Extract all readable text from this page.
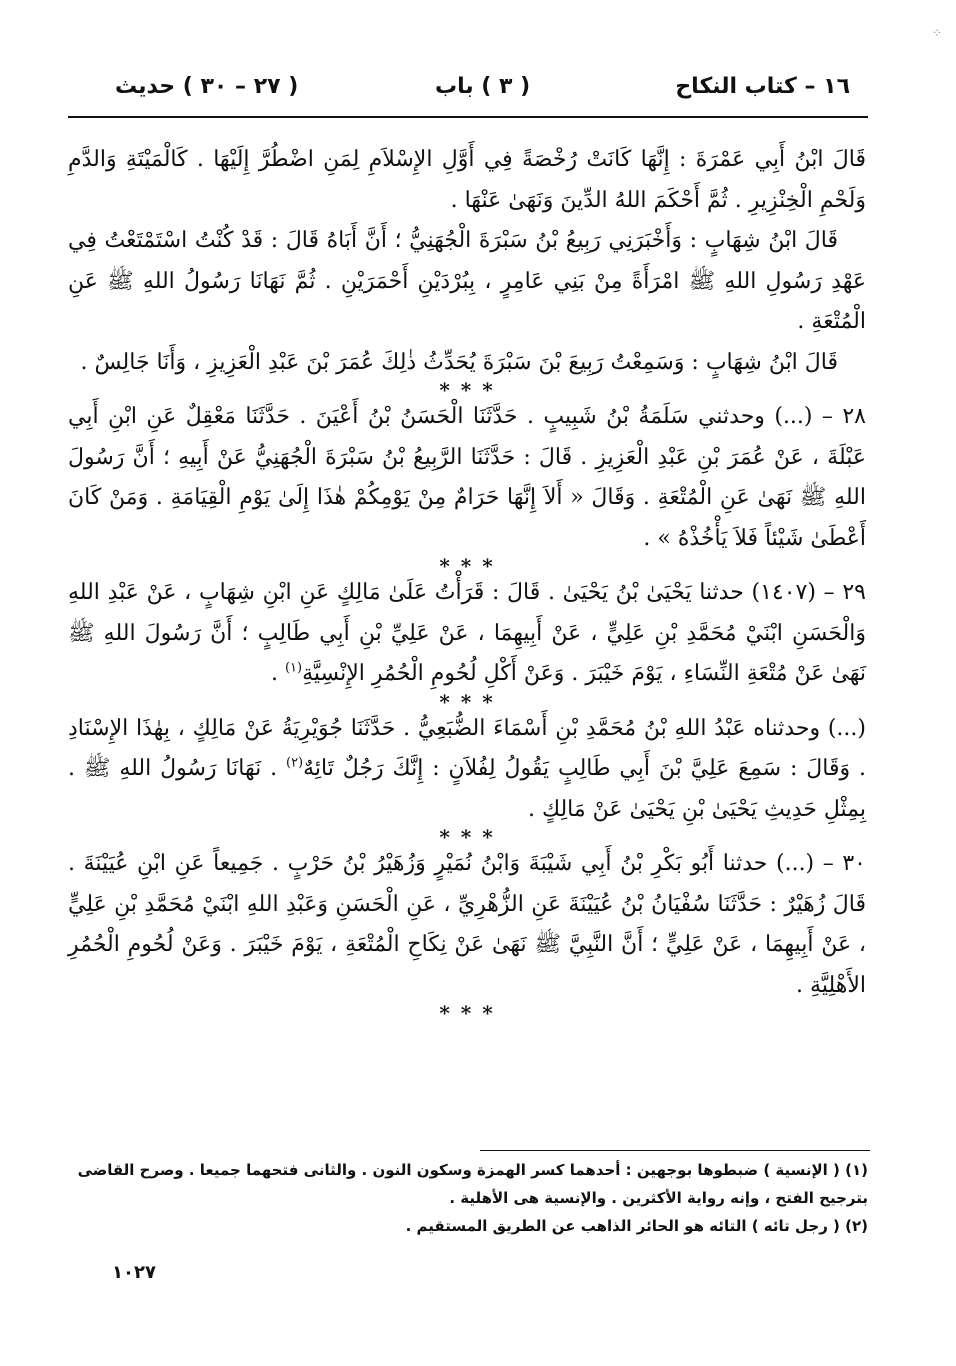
⁘
١٦ – كتاب النكاح
( ٣ ) باب
( ٢٧ – ٣٠ ) حديث

قَالَ ابْنُ أَبِي عَمْرَةَ : إِنَّهَا كَانَتْ رُخْصَةً فِي أَوَّلِ الإِسْلاَمِ لِمَنِ اضْطُرَّ إِلَيْهَا . كَالْمَيْتَةِ وَالدَّمِ وَلَحْمِ الْخِنْزِيرِ . ثُمَّ أَحْكَمَ اللهُ الدِّينَ وَنَهَىٰ عَنْهَا .

قَالَ ابْنُ شِهَابٍ : وَأَخْبَرَنِي رَبِيعُ بْنُ سَبْرَةَ الْجُهَنِيُّ ؛ أَنَّ أَبَاهُ قَالَ : قَدْ كُنْتُ اسْتَمْتَعْتُ فِي عَهْدِ رَسُولِ اللهِ ﷺ امْرَأَةً مِنْ بَنِي عَامِرٍ ، بِبُرْدَيْنِ أَحْمَرَيْنِ . ثُمَّ نَهَانَا رَسُولُ اللهِ ﷺ عَنِ الْمُتْعَةِ .

قَالَ ابْنُ شِهَابٍ : وَسَمِعْتُ رَبِيعَ بْنَ سَبْرَةَ يُحَدِّثُ ذٰلِكَ عُمَرَ بْنَ عَبْدِ الْعَزِيزِ ، وَأَنَا جَالِسٌ .

* * *

٢٨ – (...) وحدثني سَلَمَةُ بْنُ شَبِيبٍ . حَدَّثَنَا الْحَسَنُ بْنُ أَعْيَنَ . حَدَّثَنَا مَعْقِلٌ عَنِ ابْنِ أَبِي عَبْلَةَ ، عَنْ عُمَرَ بْنِ عَبْدِ الْعَزِيزِ . قَالَ : حَدَّثَنَا الرَّبِيعُ بْنُ سَبْرَةَ الْجُهَنِيُّ عَنْ أَبِيهِ ؛ أَنَّ رَسُولَ اللهِ ﷺ نَهَىٰ عَنِ الْمُتْعَةِ . وَقَالَ « أَلاَ إِنَّهَا حَرَامٌ مِنْ يَوْمِكُمْ هٰذَا إِلَىٰ يَوْمِ الْقِيَامَةِ . وَمَنْ كَانَ أَعْطَىٰ شَيْئاً فَلاَ يَأْخُذْهُ » .

* * *

٢٩ – (١٤٠٧) حدثنا يَحْيَىٰ بْنُ يَحْيَىٰ . قَالَ : قَرَأْتُ عَلَىٰ مَالِكٍ عَنِ ابْنِ شِهَابٍ ، عَنْ عَبْدِ اللهِ وَالْحَسَنِ ابْنَيْ مُحَمَّدِ بْنِ عَلِيٍّ ، عَنْ أَبِيهِمَا ، عَنْ عَلِيِّ بْنِ أَبِي طَالِبٍ ؛ أَنَّ رَسُولَ اللهِ ﷺ نَهَىٰ عَنْ مُتْعَةِ النِّسَاءِ ، يَوْمَ خَيْبَرَ . وَعَنْ أَكْلِ لُحُومِ الْحُمُرِ الإِنْسِيَّةِ$^{(١)}$ .

* * *

(...) وحدثناه عَبْدُ اللهِ بْنُ مُحَمَّدِ بْنِ أَسْمَاءَ الضُّبَعِيُّ . حَدَّثَنَا جُوَيْرِيَةُ عَنْ مَالِكٍ ، بِهٰذَا الإِسْنَادِ . وَقَالَ : سَمِعَ عَلِيَّ بْنَ أَبِي طَالِبٍ يَقُولُ لِفُلاَنٍ : إِنَّكَ رَجُلٌ تَائِهٌ$^{(٢)}$ . نَهَانَا رَسُولُ اللهِ ﷺ . بِمِثْلِ حَدِيثِ يَحْيَىٰ بْنِ يَحْيَىٰ عَنْ مَالِكٍ .

* * *

٣٠ – (...) حدثنا أَبُو بَكْرِ بْنُ أَبِي شَيْبَةَ وَابْنُ نُمَيْرٍ وَزُهَيْرُ بْنُ حَرْبٍ . جَمِيعاً عَنِ ابْنِ عُيَيْنَةَ . قَالَ زُهَيْرٌ : حَدَّثَنَا سُفْيَانُ بْنُ عُيَيْنَةَ عَنِ الزُّهْرِيِّ ، عَنِ الْحَسَنِ وَعَبْدِ اللهِ ابْنَيْ مُحَمَّدِ بْنِ عَلِيٍّ ، عَنْ أَبِيهِمَا ، عَنْ عَلِيٍّ ؛ أَنَّ النَّبِيَّ ﷺ نَهَىٰ عَنْ نِكَاحِ الْمُتْعَةِ ، يَوْمَ خَيْبَرَ . وَعَنْ لُحُومِ الْحُمُرِ الأَهْلِيَّةِ .

* * *

(١) ( الإنسية ) ضبطوها بوجهين : أحدهما كسر الهمزة وسكون النون . والثانى فتحهما جميعا . وصرح القاضى بترجيح الفتح ، وإنه رواية الأكثرين . والإنسية هى الأهلية .

(٢) ( رجل تائه ) التائه هو الحائر الذاهب عن الطريق المستقيم .

١٠٢٧
